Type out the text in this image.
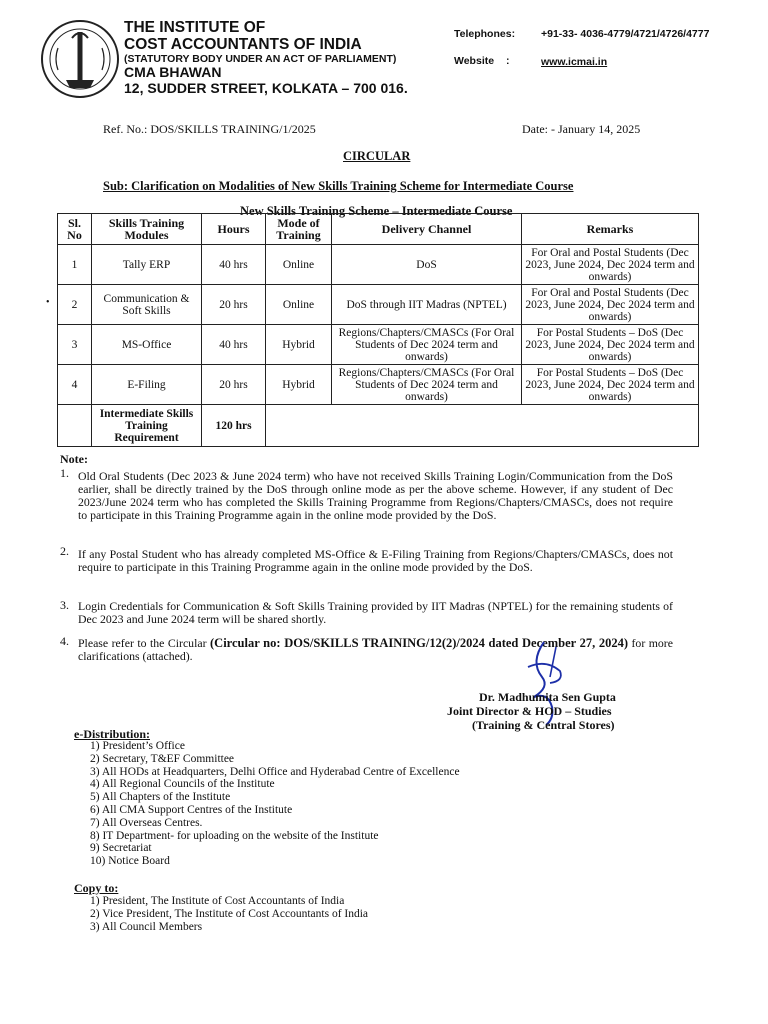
THE INSTITUTE OF
COST ACCOUNTANTS OF INDIA
(STATUTORY BODY UNDER AN ACT OF PARLIAMENT)
CMA BHAWAN
12, SUDDER STREET, KOLKATA – 700 016.
Telephones: +91-33- 4036-4779/4721/4726/4777
Website :	www.icmai.in
Ref. No.: DOS/SKILLS TRAINING/1/2025	Date: - January 14, 2025
CIRCULAR
Sub: Clarification on Modalities of New Skills Training Scheme for Intermediate Course
New Skills Training Scheme – Intermediate Course
•
Sl. No	Skills Training Modules	Hours	Mode of Training	Delivery Channel	Remarks
1	Tally ERP	40 hrs	Online	DoS	For Oral and Postal Students (Dec 2023, June 2024, Dec 2024 term and onwards)
2	Communication & Soft Skills	20 hrs	Online	DoS through IIT Madras (NPTEL)	For Oral and Postal Students (Dec 2023, June 2024, Dec 2024 term and onwards)
3	MS-Office	40 hrs	Hybrid	Regions/Chapters/CMASCs (For Oral Students of Dec 2024 term and onwards)	For Postal Students – DoS (Dec 2023, June 2024, Dec 2024 term and onwards)
4	E-Filing	20 hrs	Hybrid	Regions/Chapters/CMASCs (For Oral Students of Dec 2024 term and onwards)	For Postal Students – DoS (Dec 2023, June 2024, Dec 2024 term and onwards)
	Intermediate Skills Training Requirement	120 hrs			
Note:
1. Old Oral Students (Dec 2023 & June 2024 term) who have not received Skills Training Login/Communication from the DoS earlier, shall be directly trained by the DoS through online mode as per the above scheme. However, if any student of Dec 2023/June 2024 term who has completed the Skills Training Programme from Regions/Chapters/CMASCs, does not require to participate in this Training Programme again in the online mode provided by the DoS.
2. If any Postal Student who has already completed MS-Office & E-Filing Training from Regions/Chapters/CMASCs, does not require to participate in this Training Programme again in the online mode provided by the DoS.
3. Login Credentials for Communication & Soft Skills Training provided by IIT Madras (NPTEL) for the remaining students of Dec 2023 and June 2024 term will be shared shortly.
4. Please refer to the Circular (Circular no: DOS/SKILLS TRAINING/12(2)/2024 dated December 27, 2024) for more clarifications (attached).
Dr. Madhumita Sen Gupta
Joint Director & HOD – Studies
(Training & Central Stores)
e-Distribution:
1) President’s Office
2) Secretary, T&EF Committee
3) All HODs at Headquarters, Delhi Office and Hyderabad Centre of Excellence
4) All Regional Councils of the Institute
5) All Chapters of the Institute
6) All CMA Support Centres of the Institute
7) All Overseas Centres.
8) IT Department- for uploading on the website of the Institute
9) Secretariat
10) Notice Board
Copy to:
1) President, The Institute of Cost Accountants of India
2) Vice President, The Institute of Cost Accountants of India
3) All Council Members
